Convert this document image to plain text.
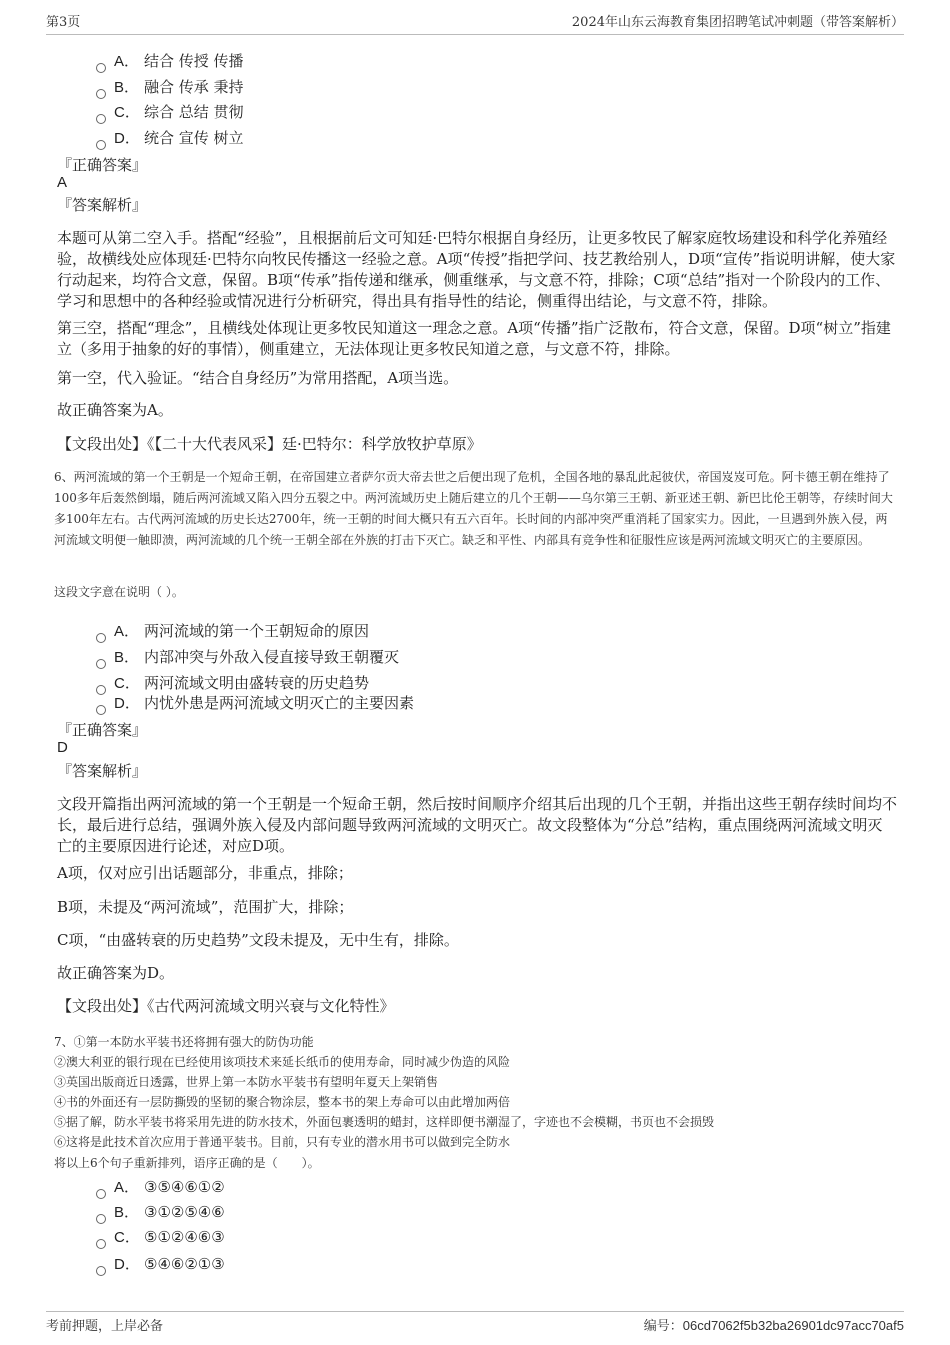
第3页	2024年山东云海教育集团招聘笔试冲刺题（带答案解析）
A． 结合 传授 传播
B． 融合 传承 秉持
C． 综合 总结 贯彻
D． 统合 宣传 树立
『正确答案』
A
『答案解析』
本题可从第二空入手。搭配“经验”，且根据前后文可知廷·巴特尔根据自身经历，让更多牧民了解家庭牧场建设和科学化养殖经验，故横线处应体现廷·巴特尔向牧民传播这一经验之意。A项“传授”指把学问、技艺教给别人，D项“宣传”指说明讲解，使大家行动起来，均符合文意，保留。B项“传承”指传递和继承，侧重继承，与文意不符，排除；C项“总结”指对一个阶段内的工作、学习和思想中的各种经验或情况进行分析研究，得出具有指导性的结论，侧重得出结论，与文意不符，排除。
第三空，搭配“理念”，且横线处体现让更多牧民知道这一理念之意。A项“传播”指广泛散布，符合文意，保留。D项“树立”指建立（多用于抽象的好的事情），侧重建立，无法体现让更多牧民知道之意，与文意不符，排除。
第一空，代入验证。“结合自身经历”为常用搭配，A项当选。
故正确答案为A。
【文段出处】《【二十大代表风采】廷·巴特尔：科学放牧护草原》
6、两河流域的第一个王朝是一个短命王朝，在帝国建立者萨尔贡大帝去世之后便出现了危机，全国各地的暴乱此起彼伏，帝国岌岌可危。阿卡德王朝在维持了100多年后轰然倒塌，随后两河流域又陷入四分五裂之中。两河流域历史上随后建立的几个王朝——乌尔第三王朝、新亚述王朝、新巴比伦王朝等，存续时间大多100年左右。古代两河流域的历史长达2700年，统一王朝的时间大概只有五六百年。长时间的内部冲突严重消耗了国家实力。因此，一旦遇到外族入侵，两河流域文明便一触即溃，两河流域的几个统一王朝全部在外族的打击下灭亡。缺乏和平性、内部具有竞争性和征服性应该是两河流域文明灭亡的主要原因。
这段文字意在说明（ ）。
A． 两河流域的第一个王朝短命的原因
B． 内部冲突与外敌入侵直接导致王朝覆灭
C． 两河流域文明由盛转衰的历史趋势
D． 内忧外患是两河流域文明灭亡的主要因素
『正确答案』
D
『答案解析』
文段开篇指出两河流域的第一个王朝是一个短命王朝，然后按时间顺序介绍其后出现的几个王朝，并指出这些王朝存续时间均不长，最后进行总结，强调外族入侵及内部问题导致两河流域的文明灭亡。故文段整体为“分总”结构，重点围绕两河流域文明灭亡的主要原因进行论述，对应D项。
A项，仅对应引出话题部分，非重点，排除；
B项，未提及“两河流域”，范围扩大，排除；
C项，“由盛转衰的历史趋势”文段未提及，无中生有，排除。
故正确答案为D。
【文段出处】《古代两河流域文明兴衰与文化特性》
7、①第一本防水平装书还将拥有强大的防伪功能
②澳大利亚的银行现在已经使用该项技术来延长纸币的使用寿命，同时减少伪造的风险
③英国出版商近日透露，世界上第一本防水平装书有望明年夏天上架销售
④书的外面还有一层防撕毁的坚韧的聚合物涂层，整本书的架上寿命可以由此增加两倍
⑤据了解，防水平装书将采用先进的防水技术，外面包裹透明的蜡封，这样即便书潮湿了，字迹也不会模糊，书页也不会损毁
⑥这将是此技术首次应用于普通平装书。目前，只有专业的潜水用书可以做到完全防水
将以上6个句子重新排列，语序正确的是（　　）。
A． ③⑤④⑥①②
B． ③①②⑤④⑥
C． ⑤①②④⑥③
D． ⑤④⑥②①③
考前押题，上岸必备	编号：06cd7062f5b32ba26901dc97acc70af5
